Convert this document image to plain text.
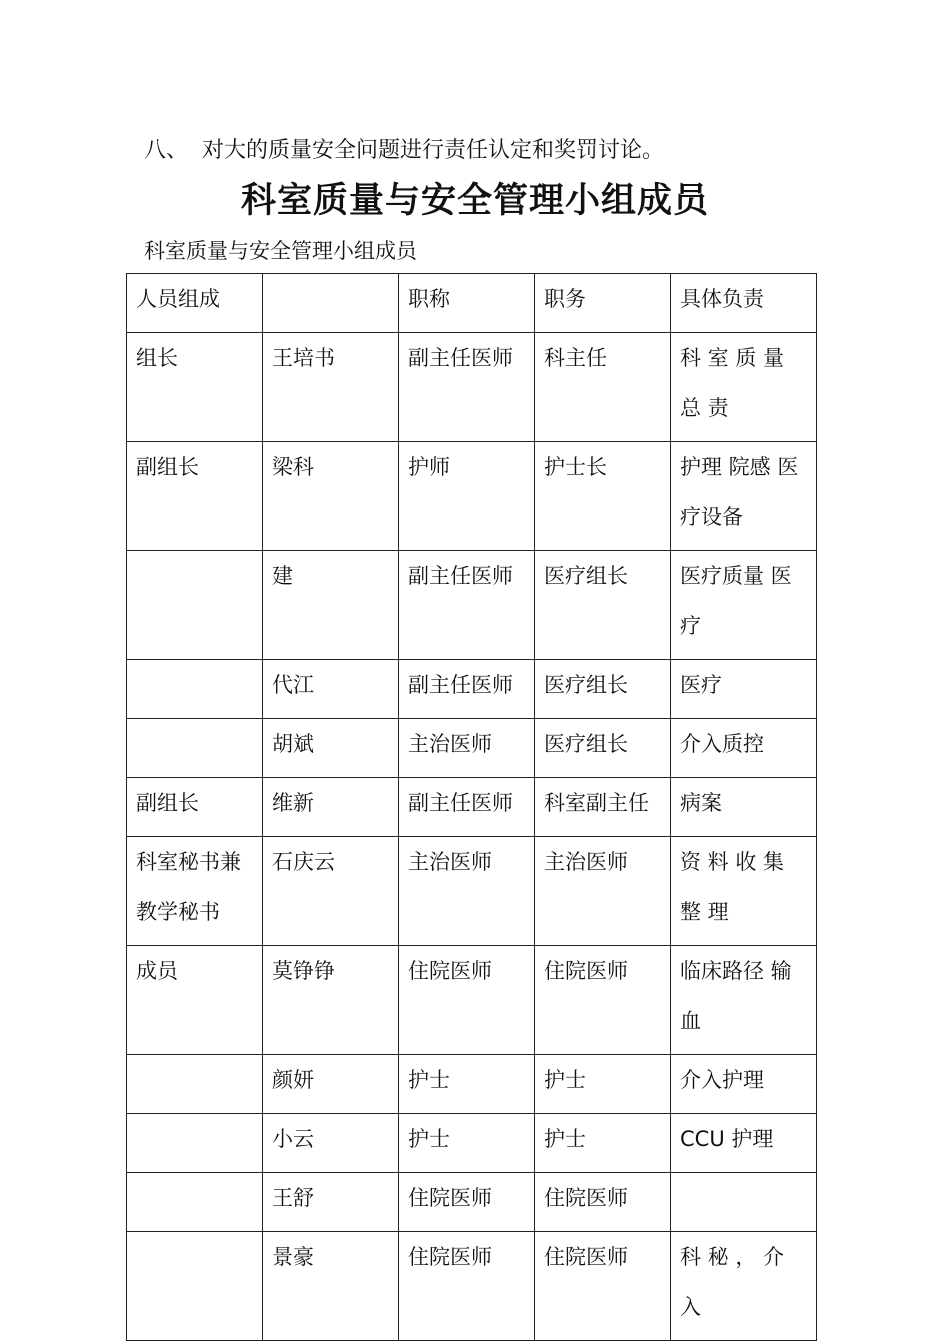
八、 对大的质量安全问题进行责任认定和奖罚讨论。
科室质量与安全管理小组成员
科室质量与安全管理小组成员
人员组成		职称	职务	具体负责

组长	王培书	副主任医师	科主任	科 室 质 量 总 责

副组长	梁科	护师	护士长	护理 院感 医疗设备

	建	副主任医师	医疗组长	医疗质量 医 疗

	代江	副主任医师	医疗组长	医疗

	胡斌	主治医师	医疗组长	介入质控

副组长	维新	副主任医师	科室副主任	病案

科室秘书兼教学秘书	石庆云	主治医师	主治医师	资 料 收 集 整 理

成员	莫铮铮	住院医师	住院医师	临床路径 输血

	颜妍	护士	护士	介入护理

	小云	护士	护士	CCU 护理

	王舒	住院医师	住院医师	

	景豪	住院医师	住院医师	科 秘 ， 介 入
